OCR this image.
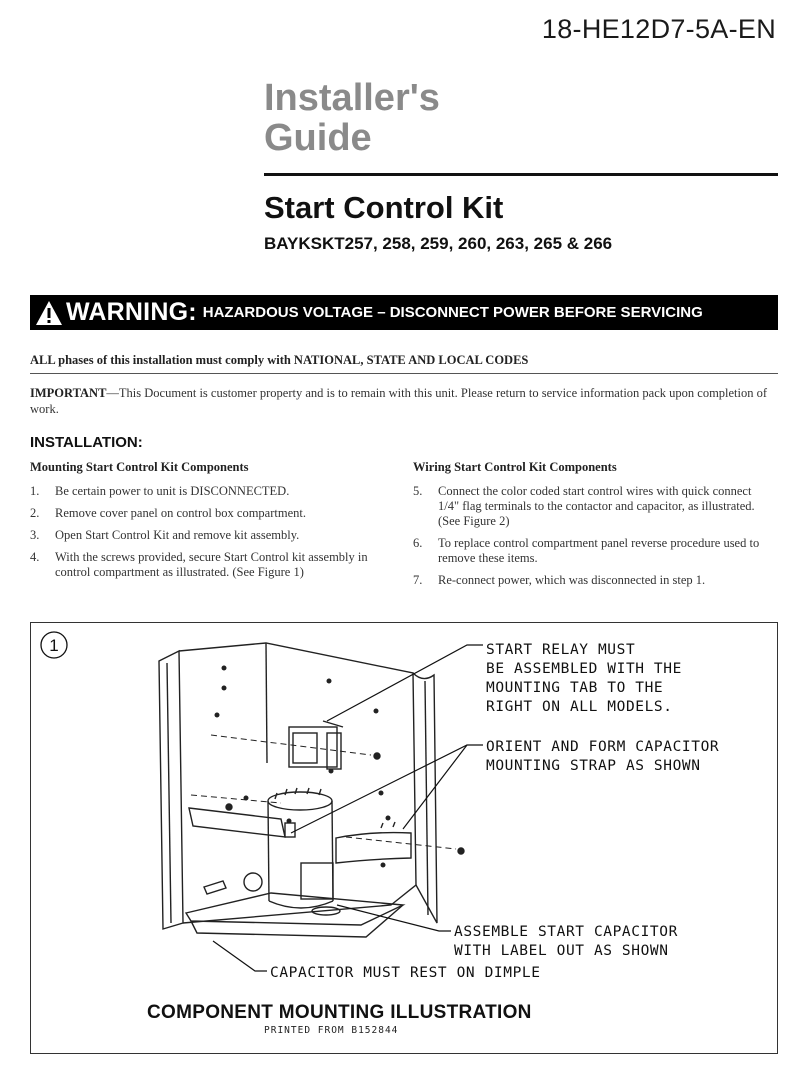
18-HE12D7-5A-EN
Installer's
Guide
Start Control Kit
BAYKSKT257, 258, 259, 260, 263, 265 & 266
WARNING: HAZARDOUS VOLTAGE – DISCONNECT POWER BEFORE SERVICING
ALL phases of this installation must comply with NATIONAL, STATE AND LOCAL CODES
IMPORTANT—This Document is customer property and is to remain with this unit. Please return to service information pack upon completion of work.
INSTALLATION:
Mounting Start Control Kit Components
1.	Be certain power to unit is DISCONNECTED.
2.	Remove cover panel on control box compartment.
3.	Open Start Control Kit and remove kit assembly.
4.	With the screws provided, secure Start Control kit assembly in control compartment as illustrated. (See Figure 1)
Wiring Start Control Kit Components
5.	Connect the color coded start control wires with quick connect 1/4" flag terminals to the contactor and capacitor, as illustrated. (See Figure 2)
6.	To replace control compartment panel reverse procedure used to remove these items.
7.	Re-connect power, which was disconnected in step 1.
1	START RELAY MUST BE ASSEMBLED WITH THE MOUNTING TAB TO THE RIGHT ON ALL MODELS.
ORIENT AND FORM CAPACITOR MOUNTING STRAP AS SHOWN
ASSEMBLE START CAPACITOR WITH LABEL OUT AS SHOWN
CAPACITOR MUST REST ON DIMPLE
COMPONENT MOUNTING ILLUSTRATION
PRINTED FROM B152844
